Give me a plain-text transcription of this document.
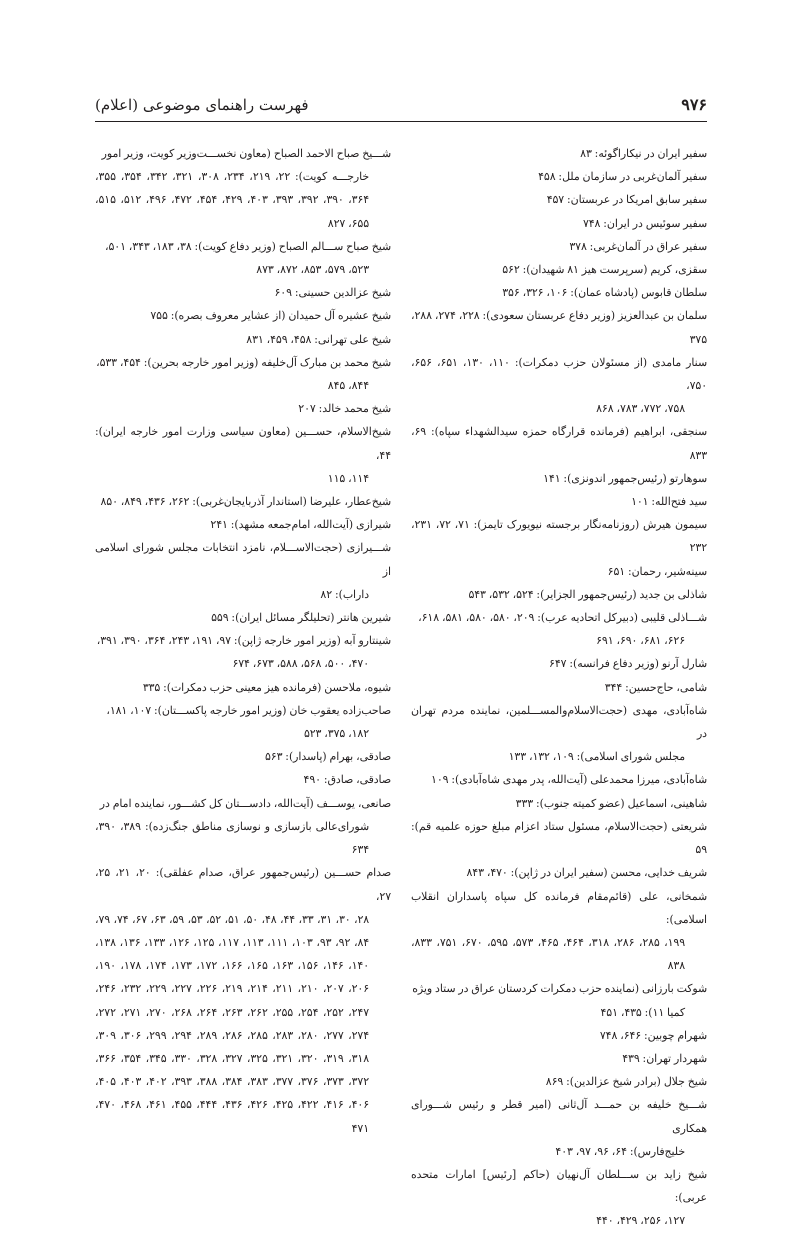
۹۷۶
فهرست راهنمای موضوعی (اعلام)
سفیر ایران در نیکاراگوئه: ۸۳
سفیر آلمان‌غربی در سازمان ملل: ۴۵۸
سفیر سابق امریکا در عربستان: ۴۵۷
سفیر سوئیس در ایران: ۷۴۸
سفیر عراق در آلمان‌غربی: ۳۷۸
سقزی، کریم (سرپرست هیز ۸۱ شهیدان): ۵۶۲
سلطان قابوس (پادشاه عمان): ۱۰۶، ۳۲۶، ۳۵۶
سلمان بن عبدالعزیز (وزیر دفاع عربستان سعودی): ۲۲۸، ۲۷۴، ۲۸۸، ۳۷۵
سنار مامدی (از مسئولان حزب دمکرات): ۱۱۰، ۱۳۰، ۶۵۱، ۶۵۶، ۷۵۰،
۷۵۸، ۷۷۲، ۷۸۳، ۸۶۸
سنجقی، ابراهیم (فرمانده قرارگاه حمزه سیدالشهداء سپاه): ۶۹، ۸۳۳
سوهارتو (رئیس‌جمهور اندونزی): ۱۴۱
سید فتح‌الله: ۱۰۱
سیمون هیرش (روزنامه‌نگار برجسته نیویورک تایمز): ۷۱، ۷۲، ۲۳۱، ۲۳۲
سینه‌شیر، رحمان: ۶۵۱
شاذلی بن جدید (رئیس‌جمهور الجزایر): ۵۲۴، ۵۳۲، ۵۴۳
شـــاذلی قلیبی (دبیرکل اتحادیه عرب): ۲۰۹، ۵۸۰، ۵۸۰، ۵۸۱، ۶۱۸،
۶۲۶، ۶۸۱، ۶۹۰، ۶۹۱
شارل آرنو (وزیر دفاع فرانسه): ۶۴۷
شامی، حاج‌حسین: ۳۴۴
شاه‌آبادی، مهدی (حجت‌الاسلام‌والمســـلمین، نماینده مردم تهران در
مجلس شورای اسلامی): ۱۰۹، ۱۳۲، ۱۳۳
شاه‌آبادی، میرزا محمدعلی (آیت‌الله، پدر مهدی شاه‌آبادی): ۱۰۹
شاهینی، اسماعیل (عضو کمیته جنوب): ۳۳۳
شریعتی (حجت‌الاسلام، مسئول ستاد اعزام مبلغ حوزه علمیه قم): ۵۹
شریف خدایی، محسن (سفیر ایران در ژاپن): ۴۷۰، ۸۴۳
شمخانی، علی (قائم‌مقام فرمانده کل سپاه پاسداران انقلاب اسلامی):
۱۹۹، ۲۸۵، ۲۸۶، ۳۱۸، ۴۶۴، ۴۶۵، ۵۷۳، ۵۹۵، ۶۷۰، ۷۵۱، ۸۳۳، ۸۳۸
شوکت بارزانی (نماینده حزب دمکرات کردستان عراق در ستاد ویژه
کمیا ۱۱): ۴۳۵، ۴۵۱
شهرام چوبین: ۶۴۶، ۷۴۸
شهردار تهران: ۴۳۹
شیخ جلال (برادر شیخ عزالدین): ۸۶۹
شـــیخ خلیفه بن حمـــد آل‌ثانی (امیر قطر و رئیس شـــورای همکاری
خلیج‌فارس): ۶۴، ۹۶، ۹۷، ۴۰۳
شیخ زاید بن ســـلطان آل‌نهیان (حاکم [رئیس] امارات متحده عربی):
۱۲۷، ۲۵۶، ۴۲۹، ۴۴۰
شـــیخ صباح الاحمد الصباح (معاون نخســـت‌وزیر کویت، وزیر امور
خارجـــه کویت): ۲۲، ۲۱۹، ۲۳۴، ۳۰۸، ۳۲۱، ۳۴۲، ۳۵۴، ۳۵۵، ۳۶۴، ۳۹۰، ۳۹۲، ۳۹۳، ۴۰۳، ۴۲۹، ۴۵۴، ۴۷۲، ۴۹۶، ۵۱۲، ۵۱۵، ۶۵۵، ۸۲۷
شیخ صباح ســـالم الصباح (وزیر دفاع کویت): ۳۸، ۱۸۳، ۳۴۳، ۵۰۱،
۵۲۳، ۵۷۹، ۸۵۳، ۸۷۲، ۸۷۳
شیخ عزالدین حسینی: ۶۰۹
شیخ عشیره آل حمیدان (از عشایر معروف بصره): ۷۵۵
شیخ علی تهرانی: ۴۵۸، ۴۵۹، ۸۳۱
شیخ محمد بن مبارک آل‌خلیفه (وزیر امور خارجه بحرین): ۴۵۴، ۵۳۳،
۸۴۴، ۸۴۵
شیخ محمد خالد: ۲۰۷
شیخ‌الاسلام، حســـین (معاون سیاسی وزارت امور خارجه ایران): ۴۴،
۱۱۴، ۱۱۵
شیخ‌عطار، علیرضا (استاندار آذربایجان‌غربی): ۲۶۲، ۴۳۶، ۸۴۹، ۸۵۰
شیرازی (آیت‌الله، امام‌جمعه مشهد): ۲۴۱
شـــیرازی (حجت‌الاســـلام، نامزد انتخابات مجلس شورای اسلامی از
داراب): ۸۲
شیرین هانتر (تحلیلگر مسائل ایران): ۵۵۹
شینتارو آبه (وزیر امور خارجه ژاپن): ۹۷، ۱۹۱، ۲۴۳، ۳۶۴، ۳۹۰، ۳۹۱،
۴۷۰، ۵۰۰، ۵۶۸، ۵۸۸، ۶۷۳، ۶۷۴
شیوه، ملاحسن (فرمانده هیز معینی حزب دمکرات): ۳۳۵
صاحب‌زاده یعقوب خان (وزیر امور خارجه پاکســـتان): ۱۰۷، ۱۸۱،
۱۸۲، ۳۷۵، ۵۲۳
صادقی، بهرام (پاسدار): ۵۶۳
صادقی، صادق: ۴۹۰
صانعی، یوســـف (آیت‌الله، دادســـتان کل کشـــور، نماینده امام در
شورای‌عالی بازسازی و نوسازی مناطق جنگ‌زده): ۳۸۹، ۳۹۰، ۶۳۴
صدام حســـین (رئیس‌جمهور عراق، صدام عفلقی): ۲۰، ۲۱، ۲۵، ۲۷،
۲۸، ۳۰، ۳۱، ۳۳، ۴۴، ۴۸، ۵۰، ۵۱، ۵۲، ۵۳، ۵۹، ۶۳، ۶۷، ۷۴، ۷۹، ۸۴، ۹۲، ۹۳، ۱۰۳، ۱۱۱، ۱۱۳، ۱۱۷، ۱۲۵، ۱۲۶، ۱۳۳، ۱۳۶، ۱۳۸، ۱۴۰، ۱۴۶، ۱۵۶، ۱۶۳، ۱۶۵، ۱۶۶، ۱۷۲، ۱۷۳، ۱۷۴، ۱۷۸، ۱۹۰، ۲۰۶، ۲۰۷، ۲۱۰، ۲۱۱، ۲۱۴، ۲۱۹، ۲۲۶، ۲۲۷، ۲۲۹، ۲۳۲، ۲۴۶، ۲۴۷، ۲۵۲، ۲۵۴، ۲۵۵، ۲۶۲، ۲۶۳، ۲۶۴، ۲۶۸، ۲۷۰، ۲۷۱، ۲۷۲، ۲۷۴، ۲۷۷، ۲۸۰، ۲۸۳، ۲۸۵، ۲۸۶، ۲۸۹، ۲۹۴، ۲۹۹، ۳۰۶، ۳۰۹، ۳۱۸، ۳۱۹، ۳۲۰، ۳۲۱، ۳۲۵، ۳۲۷، ۳۲۸، ۳۳۰، ۳۴۵، ۳۵۴، ۳۶۶، ۳۷۲، ۳۷۳، ۳۷۶، ۳۷۷، ۳۸۳، ۳۸۴، ۳۸۸، ۳۹۳، ۴۰۲، ۴۰۳، ۴۰۵، ۴۰۶، ۴۱۶، ۴۲۲، ۴۲۵، ۴۲۶، ۴۳۶، ۴۴۴، ۴۵۵، ۴۶۱، ۴۶۸، ۴۷۰، ۴۷۱
